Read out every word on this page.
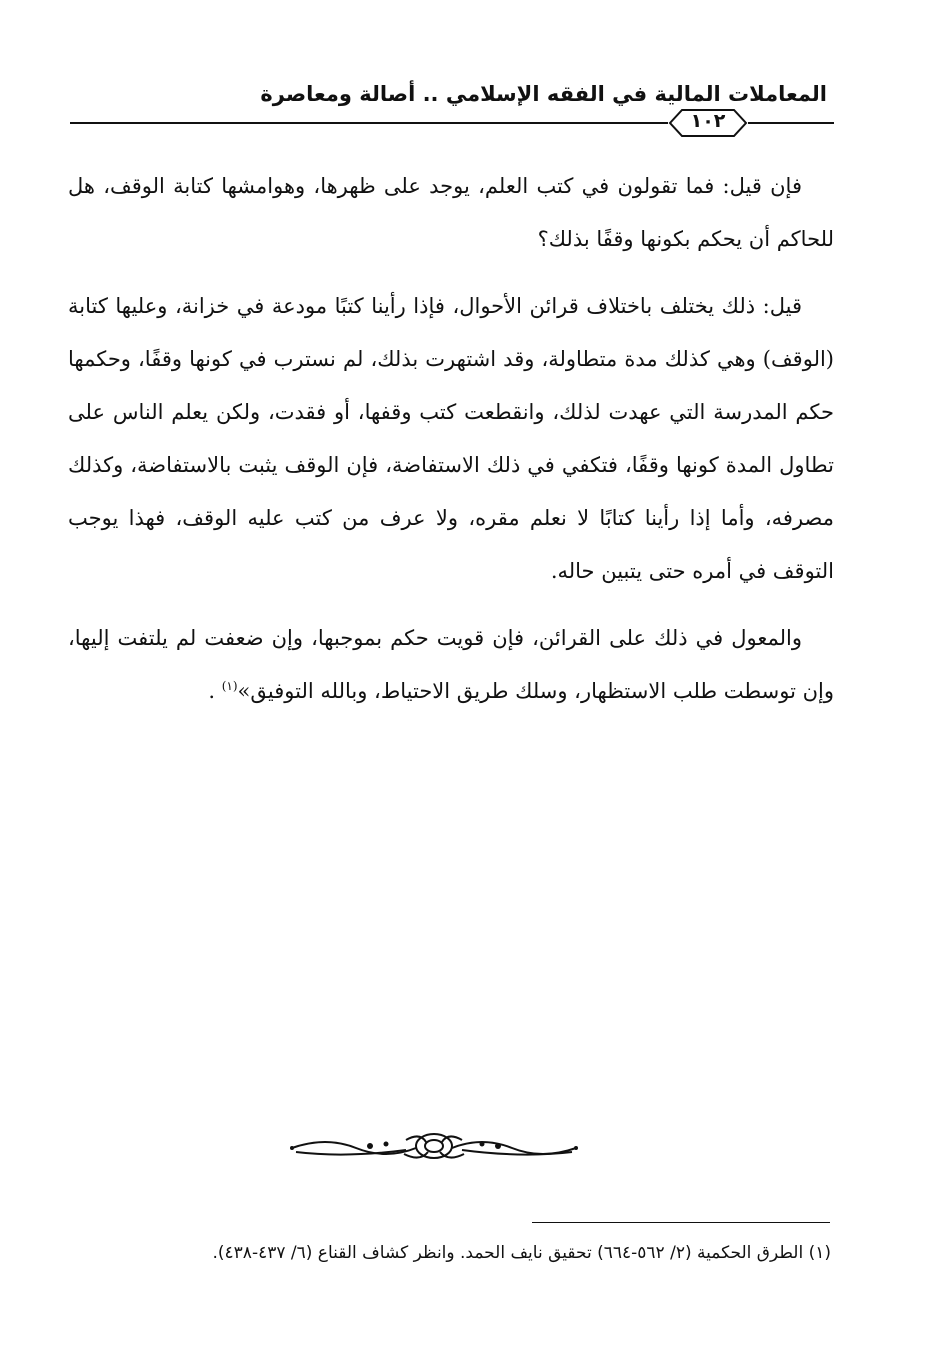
المعاملات المالية في الفقه الإسلامي .. أصالة ومعاصرة
١٠٢

فإن قيل: فما تقولون في كتب العلم، يوجد على ظهرها، وهوامشها كتابة الوقف، هل للحاكم أن يحكم بكونها وقفًا بذلك؟

قيل: ذلك يختلف باختلاف قرائن الأحوال، فإذا رأينا كتبًا مودعة في خزانة، وعليها كتابة (الوقف) وهي كذلك مدة متطاولة، وقد اشتهرت بذلك، لم نسترب في كونها وقفًا، وحكمها حكم المدرسة التي عهدت لذلك، وانقطعت كتب وقفها، أو فقدت، ولكن يعلم الناس على تطاول المدة كونها وقفًا، فتكفي في ذلك الاستفاضة، فإن الوقف يثبت بالاستفاضة، وكذلك مصرفه، وأما إذا رأينا كتابًا لا نعلم مقره، ولا عرف من كتب عليه الوقف، فهذا يوجب التوقف في أمره حتى يتبين حاله.

والمعول في ذلك على القرائن، فإن قويت حكم بموجبها، وإن ضعفت لم يلتفت إليها، وإن توسطت طلب الاستظهار، وسلك طريق الاحتياط، وبالله التوفيق»$^{(١)}$ .

(١) الطرق الحكمية (٢/ ٥٦٢-٦٦٤) تحقيق نايف الحمد. وانظر كشاف القناع (٦/ ٤٣٧-٤٣٨).
